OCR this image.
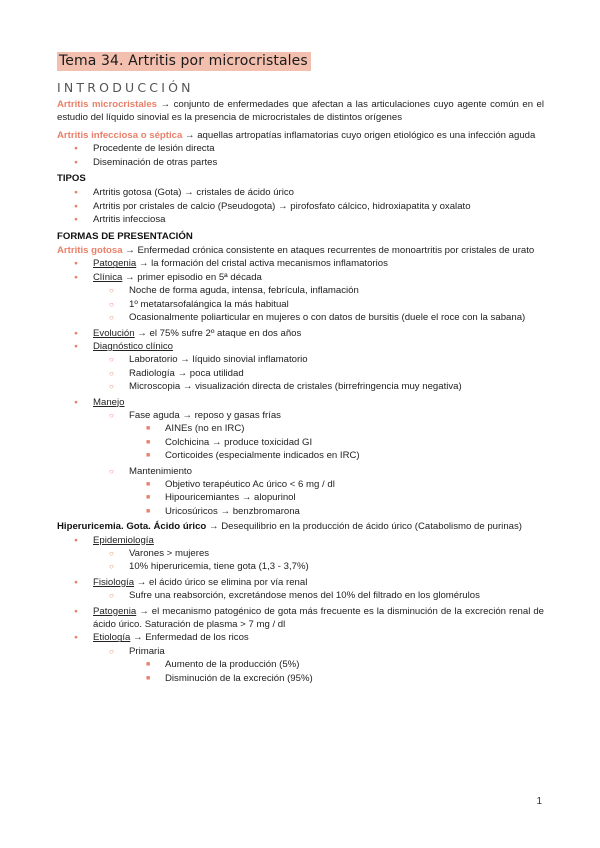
Tema 34. Artritis por microcristales
INTRODUCCIÓN

Artritis microcristales → conjunto de enfermedades que afectan a las articulaciones cuyo agente común en el estudio del líquido sinovial es la presencia de microcristales de distintos orígenes

Artritis infecciosa o séptica → aquellas artropatías inflamatorias cuyo origen etiológico es una infección aguda

● Procedente de lesión directa
● Diseminación de otras partes
TIPOS
● Artritis gotosa (Gota) → cristales de ácido úrico
● Artritis por cristales de calcio (Pseudogota) → pirofosfato cálcico, hidroxiapatita y oxalato
● Artritis infecciosa
FORMAS DE PRESENTACIÓN

Artritis gotosa → Enfermedad crónica consistente en ataques recurrentes de monoartritis por cristales de urato

● Patogenia → la formación del cristal activa mecanismos inflamatorios
● Clínica → primer episodio en 5ª década
○ Noche de forma aguda, intensa, febrícula, inflamación
○ 1º metatarsofalángica la más habitual
○ Ocasionalmente poliarticular en mujeres o con datos de bursitis (duele el roce con la sabana)
● Evolución → el 75% sufre 2º ataque en dos años
● Diagnóstico clínico
○ Laboratorio → líquido sinovial inflamatorio
○ Radiología → poca utilidad
○ Microscopia → visualización directa de cristales (birrefringencia muy negativa)
● Manejo
○ Fase aguda → reposo y gasas frías
■ AINEs (no en IRC)
■ Colchicina → produce toxicidad GI
■ Corticoides (especialmente indicados en IRC)
○ Mantenimiento
■ Objetivo terapéutico Ac úrico < 6 mg / dl
■ Hipouricemiantes → alopurinol
■ Uricosúricos → benzbromarona

Hiperuricemia. Gota. Ácido úrico → Desequilibrio en la producción de ácido úrico (Catabolismo de purinas)

● Epidemiología
○ Varones > mujeres
○ 10% hiperuricemia, tiene gota (1,3 - 3,7%)
● Fisiología → el ácido úrico se elimina por vía renal
○ Sufre una reabsorción, excretándose menos del 10% del filtrado en los glomérulos
● Patogenia → el mecanismo patogénico de gota más frecuente es la disminución de la excreción renal de ácido úrico. Saturación de plasma > 7 mg / dl
● Etiología → Enfermedad de los ricos
○ Primaria
■ Aumento de la producción (5%)
■ Disminución de la excreción (95%)
1
